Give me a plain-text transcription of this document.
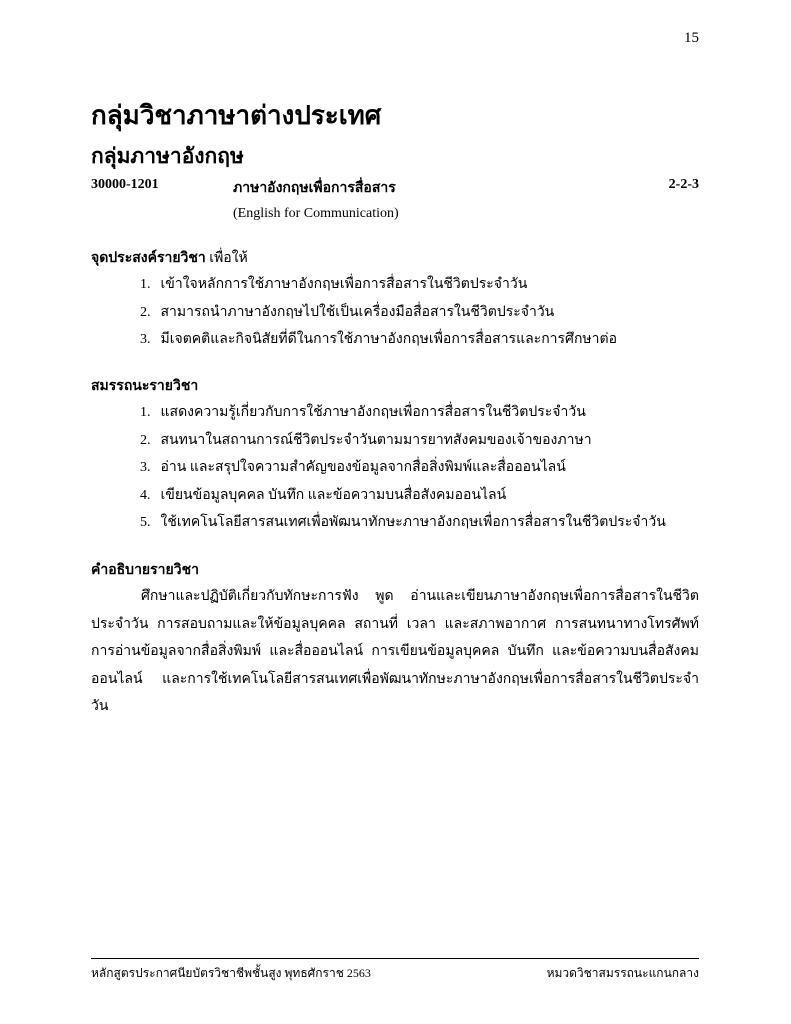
15
กลุ่มวิชาภาษาต่างประเทศ
กลุ่มภาษาอังกฤษ
30000-1201	ภาษาอังกฤษเพื่อการสื่อสาร	2-2-3
(English for Communication)
จุดประสงค์รายวิชา เพื่อให้
1. เข้าใจหลักการใช้ภาษาอังกฤษเพื่อการสื่อสารในชีวิตประจำวัน
2. สามารถนำภาษาอังกฤษไปใช้เป็นเครื่องมือสื่อสารในชีวิตประจำวัน
3. มีเจตคติและกิจนิสัยที่ดีในการใช้ภาษาอังกฤษเพื่อการสื่อสารและการศึกษาต่อ
สมรรถนะรายวิชา
1. แสดงความรู้เกี่ยวกับการใช้ภาษาอังกฤษเพื่อการสื่อสารในชีวิตประจำวัน
2. สนทนาในสถานการณ์ชีวิตประจำวันตามมารยาทสังคมของเจ้าของภาษา
3. อ่าน และสรุปใจความสำคัญของข้อมูลจากสื่อสิ่งพิมพ์และสื่อออนไลน์
4. เขียนข้อมูลบุคคล บันทึก และข้อความบนสื่อสังคมออนไลน์
5. ใช้เทคโนโลยีสารสนเทศเพื่อพัฒนาทักษะภาษาอังกฤษเพื่อการสื่อสารในชีวิตประจำวัน
คำอธิบายรายวิชา

ศึกษาและปฏิบัติเกี่ยวกับทักษะการฟัง พูด อ่านและเขียนภาษาอังกฤษเพื่อการสื่อสารในชีวิตประจำวัน การสอบถามและให้ข้อมูลบุคคล สถานที่ เวลา และสภาพอากาศ การสนทนาทางโทรศัพท์ การอ่านข้อมูลจากสื่อสิ่งพิมพ์ และสื่อออนไลน์ การเขียนข้อมูลบุคคล บันทึก และข้อความบนสื่อสังคมออนไลน์ และการใช้เทคโนโลยีสารสนเทศเพื่อพัฒนาทักษะภาษาอังกฤษเพื่อการสื่อสารในชีวิตประจำวัน

หลักสูตรประกาศนียบัตรวิชาชีพชั้นสูง พุทธศักราช 2563	หมวดวิชาสมรรถนะแกนกลาง
